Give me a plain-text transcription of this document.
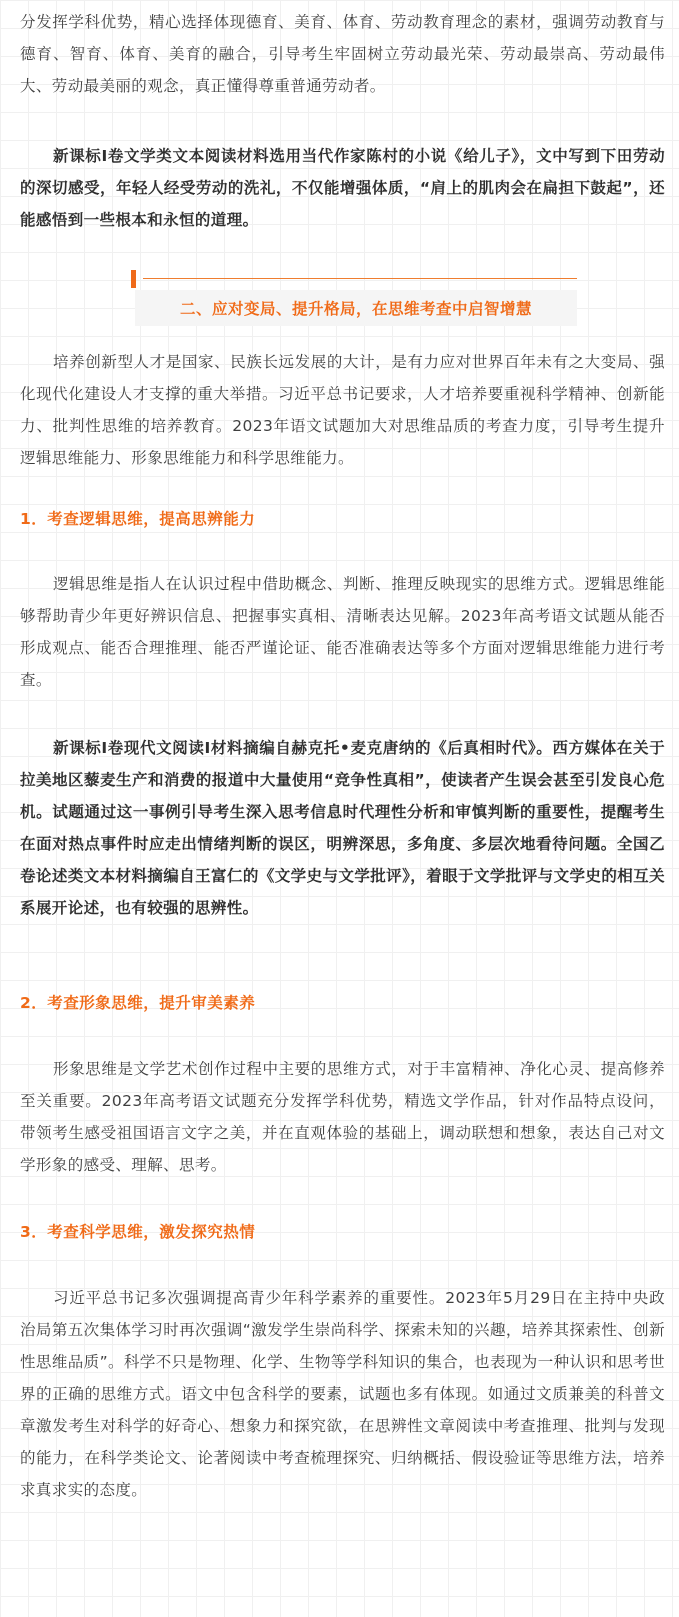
分发挥学科优势，精心选择体现德育、美育、体育、劳动教育理念的素材，强调劳动教育与德育、智育、体育、美育的融合，引导考生牢固树立劳动最光荣、劳动最崇高、劳动最伟大、劳动最美丽的观念，真正懂得尊重普通劳动者。

新课标Ⅰ卷文学类文本阅读材料选用当代作家陈村的小说《给儿子》，文中写到下田劳动的深切感受，年轻人经受劳动的洗礼，不仅能增强体质，“肩上的肌肉会在扁担下鼓起”，还能感悟到一些根本和永恒的道理。

二、应对变局、提升格局，在思维考查中启智增慧

培养创新型人才是国家、民族长远发展的大计，是有力应对世界百年未有之大变局、强化现代化建设人才支撑的重大举措。习近平总书记要求，人才培养要重视科学精神、创新能力、批判性思维的培养教育。2023年语文试题加大对思维品质的考查力度，引导考生提升逻辑思维能力、形象思维能力和科学思维能力。

1．考查逻辑思维，提高思辨能力

逻辑思维是指人在认识过程中借助概念、判断、推理反映现实的思维方式。逻辑思维能够帮助青少年更好辨识信息、把握事实真相、清晰表达见解。2023年高考语文试题从能否形成观点、能否合理推理、能否严谨论证、能否准确表达等多个方面对逻辑思维能力进行考查。

新课标Ⅰ卷现代文阅读Ⅰ材料摘编自赫克托•麦克唐纳的《后真相时代》。西方媒体在关于拉美地区藜麦生产和消费的报道中大量使用“竞争性真相”，使读者产生误会甚至引发良心危机。试题通过这一事例引导考生深入思考信息时代理性分析和审慎判断的重要性，提醒考生在面对热点事件时应走出情绪判断的误区，明辨深思，多角度、多层次地看待问题。全国乙卷论述类文本材料摘编自王富仁的《文学史与文学批评》，着眼于文学批评与文学史的相互关系展开论述，也有较强的思辨性。

2．考查形象思维，提升审美素养

形象思维是文学艺术创作过程中主要的思维方式，对于丰富精神、净化心灵、提高修养至关重要。2023年高考语文试题充分发挥学科优势，精选文学作品，针对作品特点设问，带领考生感受祖国语言文字之美，并在直观体验的基础上，调动联想和想象，表达自己对文学形象的感受、理解、思考。

3．考查科学思维，激发探究热情

习近平总书记多次强调提高青少年科学素养的重要性。2023年5月29日在主持中央政治局第五次集体学习时再次强调“激发学生崇尚科学、探索未知的兴趣，培养其探索性、创新性思维品质”。科学不只是物理、化学、生物等学科知识的集合，也表现为一种认识和思考世界的正确的思维方式。语文中包含科学的要素，试题也多有体现。如通过文质兼美的科普文章激发考生对科学的好奇心、想象力和探究欲，在思辨性文章阅读中考查推理、批判与发现的能力，在科学类论文、论著阅读中考查梳理探究、归纳概括、假设验证等思维方法，培养求真求实的态度。
